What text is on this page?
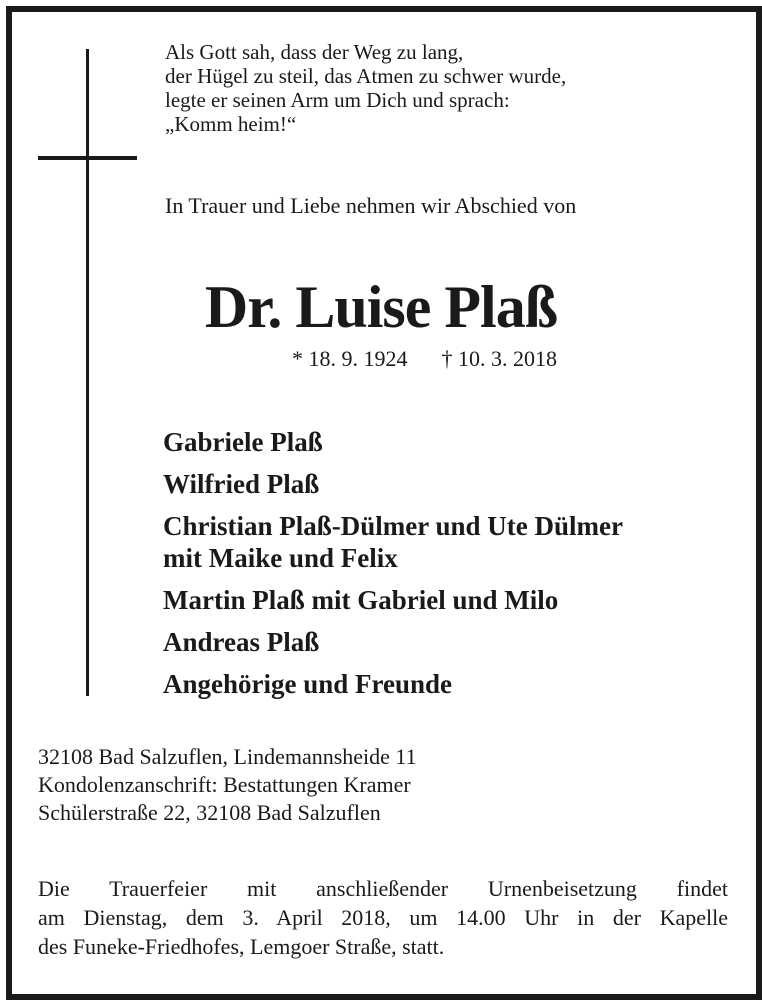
Als Gott sah, dass der Weg zu lang,
der Hügel zu steil, das Atmen zu schwer wurde,
legte er seinen Arm um Dich und sprach:
„Komm heim!“
In Trauer und Liebe nehmen wir Abschied von
Dr. Luise Plaß
* 18. 9. 1924 † 10. 3. 2018
Gabriele Plaß
Wilfried Plaß
Christian Plaß-Dülmer und Ute Dülmer
mit Maike und Felix
Martin Plaß mit Gabriel und Milo
Andreas Plaß
Angehörige und Freunde
32108 Bad Salzuflen, Lindemannsheide 11
Kondolenzanschrift: Bestattungen Kramer
Schülerstraße 22, 32108 Bad Salzuflen
Die Trauerfeier mit anschließender Urnenbeisetzung findet
am Dienstag, dem 3. April 2018, um 14.00 Uhr in der Kapelle
des Funeke-Friedhofes, Lemgoer Straße, statt.
